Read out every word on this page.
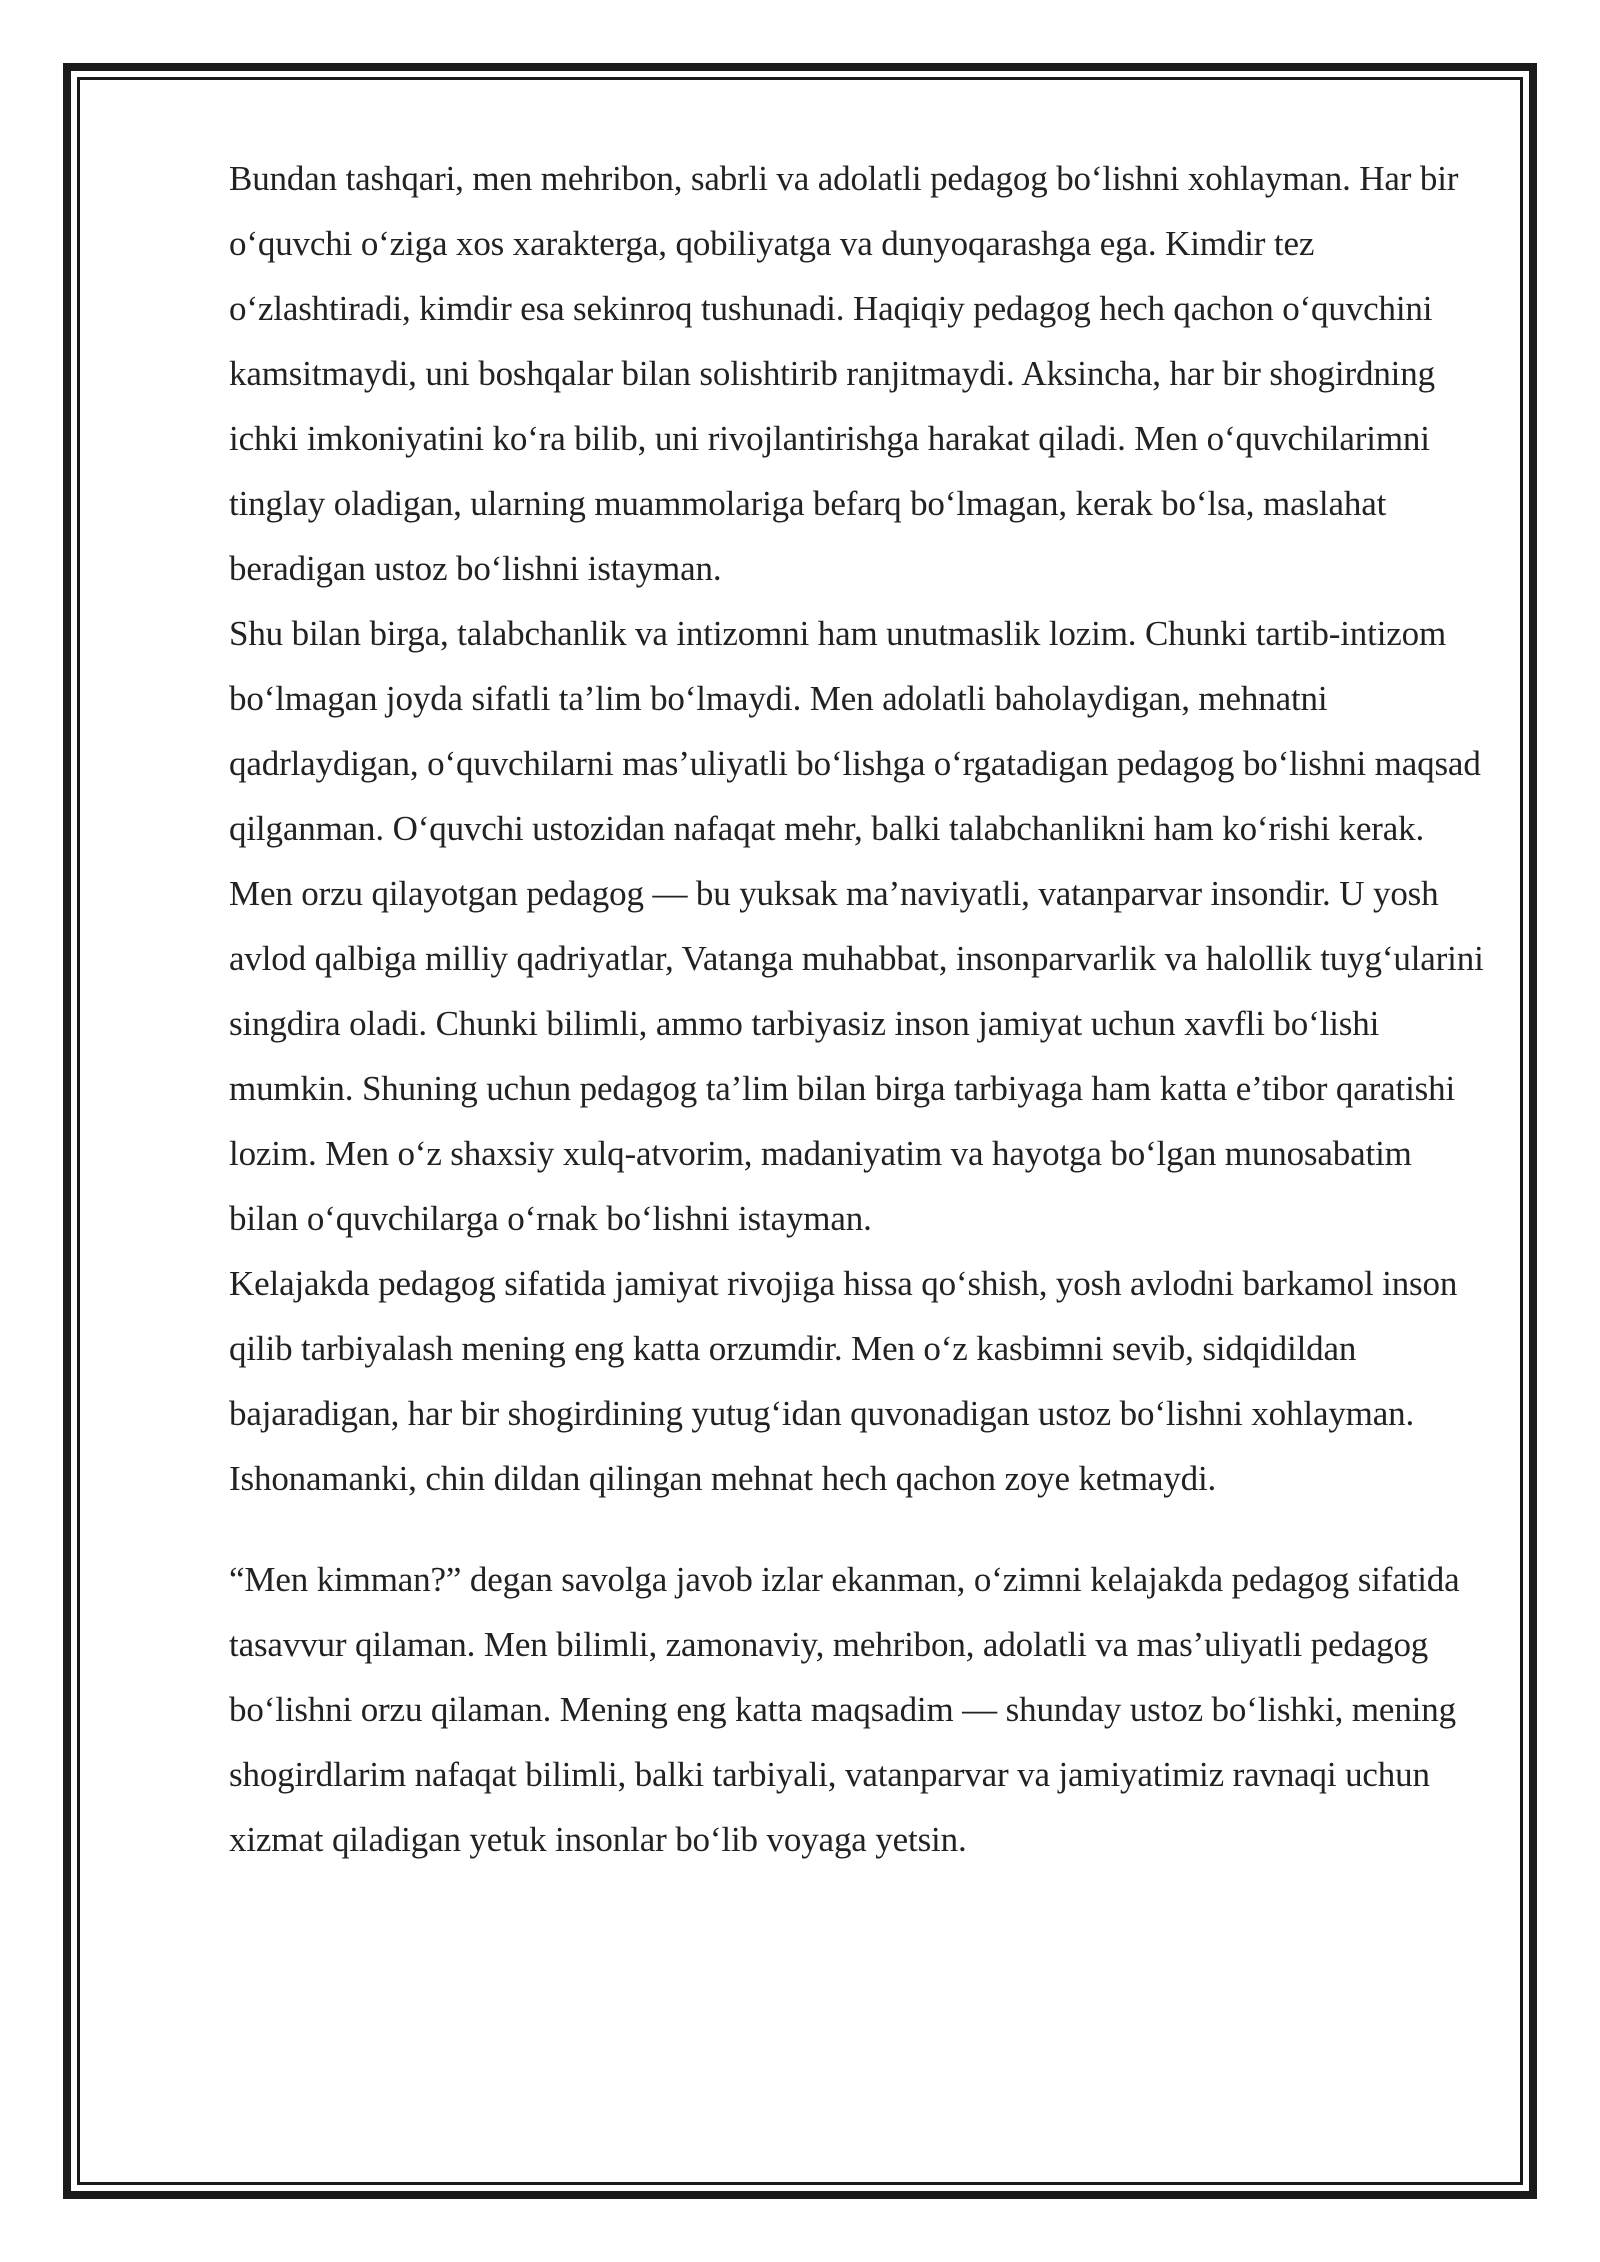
Bundan tashqari, men mehribon, sabrli va adolatli pedagog bo‘lishni xohlayman. Har bir o‘quvchi o‘ziga xos xarakterga, qobiliyatga va dunyoqarashga ega. Kimdir tez o‘zlashtiradi, kimdir esa sekinroq tushunadi. Haqiqiy pedagog hech qachon o‘quvchini kamsitmaydi, uni boshqalar bilan solishtirib ranjitmaydi. Aksincha, har bir shogirdning ichki imkoniyatini ko‘ra bilib, uni rivojlantirishga harakat qiladi. Men o‘quvchilarimni tinglay oladigan, ularning muammolariga befarq bo‘lmagan, kerak bo‘lsa, maslahat beradigan ustoz bo‘lishni istayman.

Shu bilan birga, talabchanlik va intizomni ham unutmaslik lozim. Chunki tartib-intizom bo‘lmagan joyda sifatli ta’lim bo‘lmaydi. Men adolatli baholaydigan, mehnatni qadrlaydigan, o‘quvchilarni mas’uliyatli bo‘lishga o‘rgatadigan pedagog bo‘lishni maqsad qilganman. O‘quvchi ustozidan nafaqat mehr, balki talabchanlikni ham ko‘rishi kerak.

Men orzu qilayotgan pedagog — bu yuksak ma’naviyatli, vatanparvar insondir. U yosh avlod qalbiga milliy qadriyatlar, Vatanga muhabbat, insonparvarlik va halollik tuyg‘ularini singdira oladi. Chunki bilimli, ammo tarbiyasiz inson jamiyat uchun xavfli bo‘lishi mumkin. Shuning uchun pedagog ta’lim bilan birga tarbiyaga ham katta e’tibor qaratishi lozim. Men o‘z shaxsiy xulq-atvorim, madaniyatim va hayotga bo‘lgan munosabatim bilan o‘quvchilarga o‘rnak bo‘lishni istayman.

Kelajakda pedagog sifatida jamiyat rivojiga hissa qo‘shish, yosh avlodni barkamol inson qilib tarbiyalash mening eng katta orzumdir. Men o‘z kasbimni sevib, sidqidildan bajaradigan, har bir shogirdining yutug‘idan quvonadigan ustoz bo‘lishni xohlayman. Ishonamanki, chin dildan qilingan mehnat hech qachon zoye ketmaydi.

“Men kimman?” degan savolga javob izlar ekanman, o‘zimni kelajakda pedagog sifatida tasavvur qilaman. Men bilimli, zamonaviy, mehribon, adolatli va mas’uliyatli pedagog bo‘lishni orzu qilaman. Mening eng katta maqsadim — shunday ustoz bo‘lishki, mening shogirdlarim nafaqat bilimli, balki tarbiyali, vatanparvar va jamiyatimiz ravnaqi uchun xizmat qiladigan yetuk insonlar bo‘lib voyaga yetsin.
